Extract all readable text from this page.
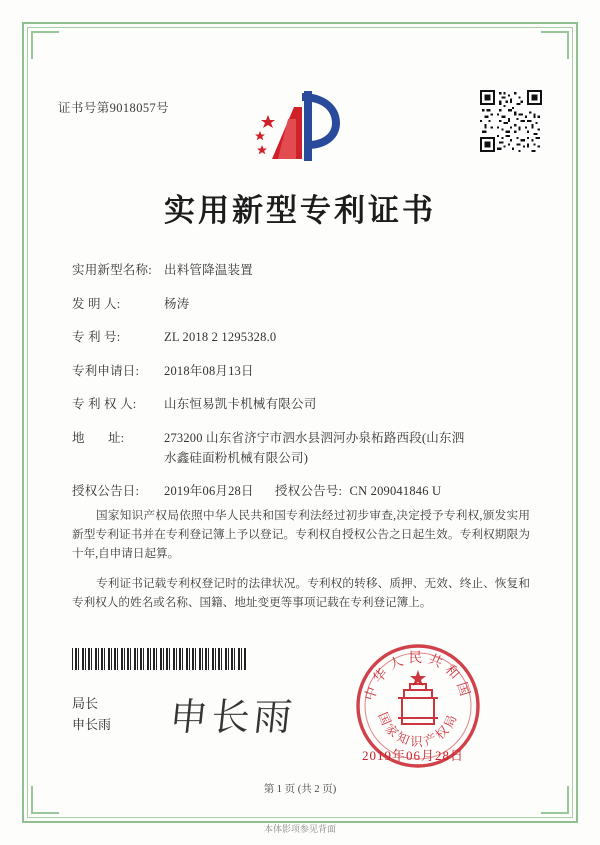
证书号第9018057号
实用新型专利证书
实用新型名称: 出料管降温装置
发 明 人:	杨涛
专 利 号:	ZL 2018 2 1295328.0
专利申请日:	2018年08月13日
专 利 权 人:	山东恒易凯卡机械有限公司
地       址:	273200 山东省济宁市泗水县泗河办泉柘路西段(山东泗
水鑫硅面粉机械有限公司)
授权公告日:	2019年06月28日 授权公告号: CN 209041846 U

国家知识产权局依照中华人民共和国专利法经过初步审查,决定授予专利权,颁发实用新型专利证书并在专利登记簿上予以登记。专利权自授权公告之日起生效。专利权期限为十年,自申请日起算。

专利证书记载专利权登记时的法律状况。专利权的转移、质押、无效、终止、恢复和专利权人的姓名或名称、国籍、地址变更等事项记载在专利登记簿上。

局长
申长雨 申长雨
中华人民共和国
国家知识产权局
2019年06月28日
第 1 页 (共 2 页)
本体影项参见背面
